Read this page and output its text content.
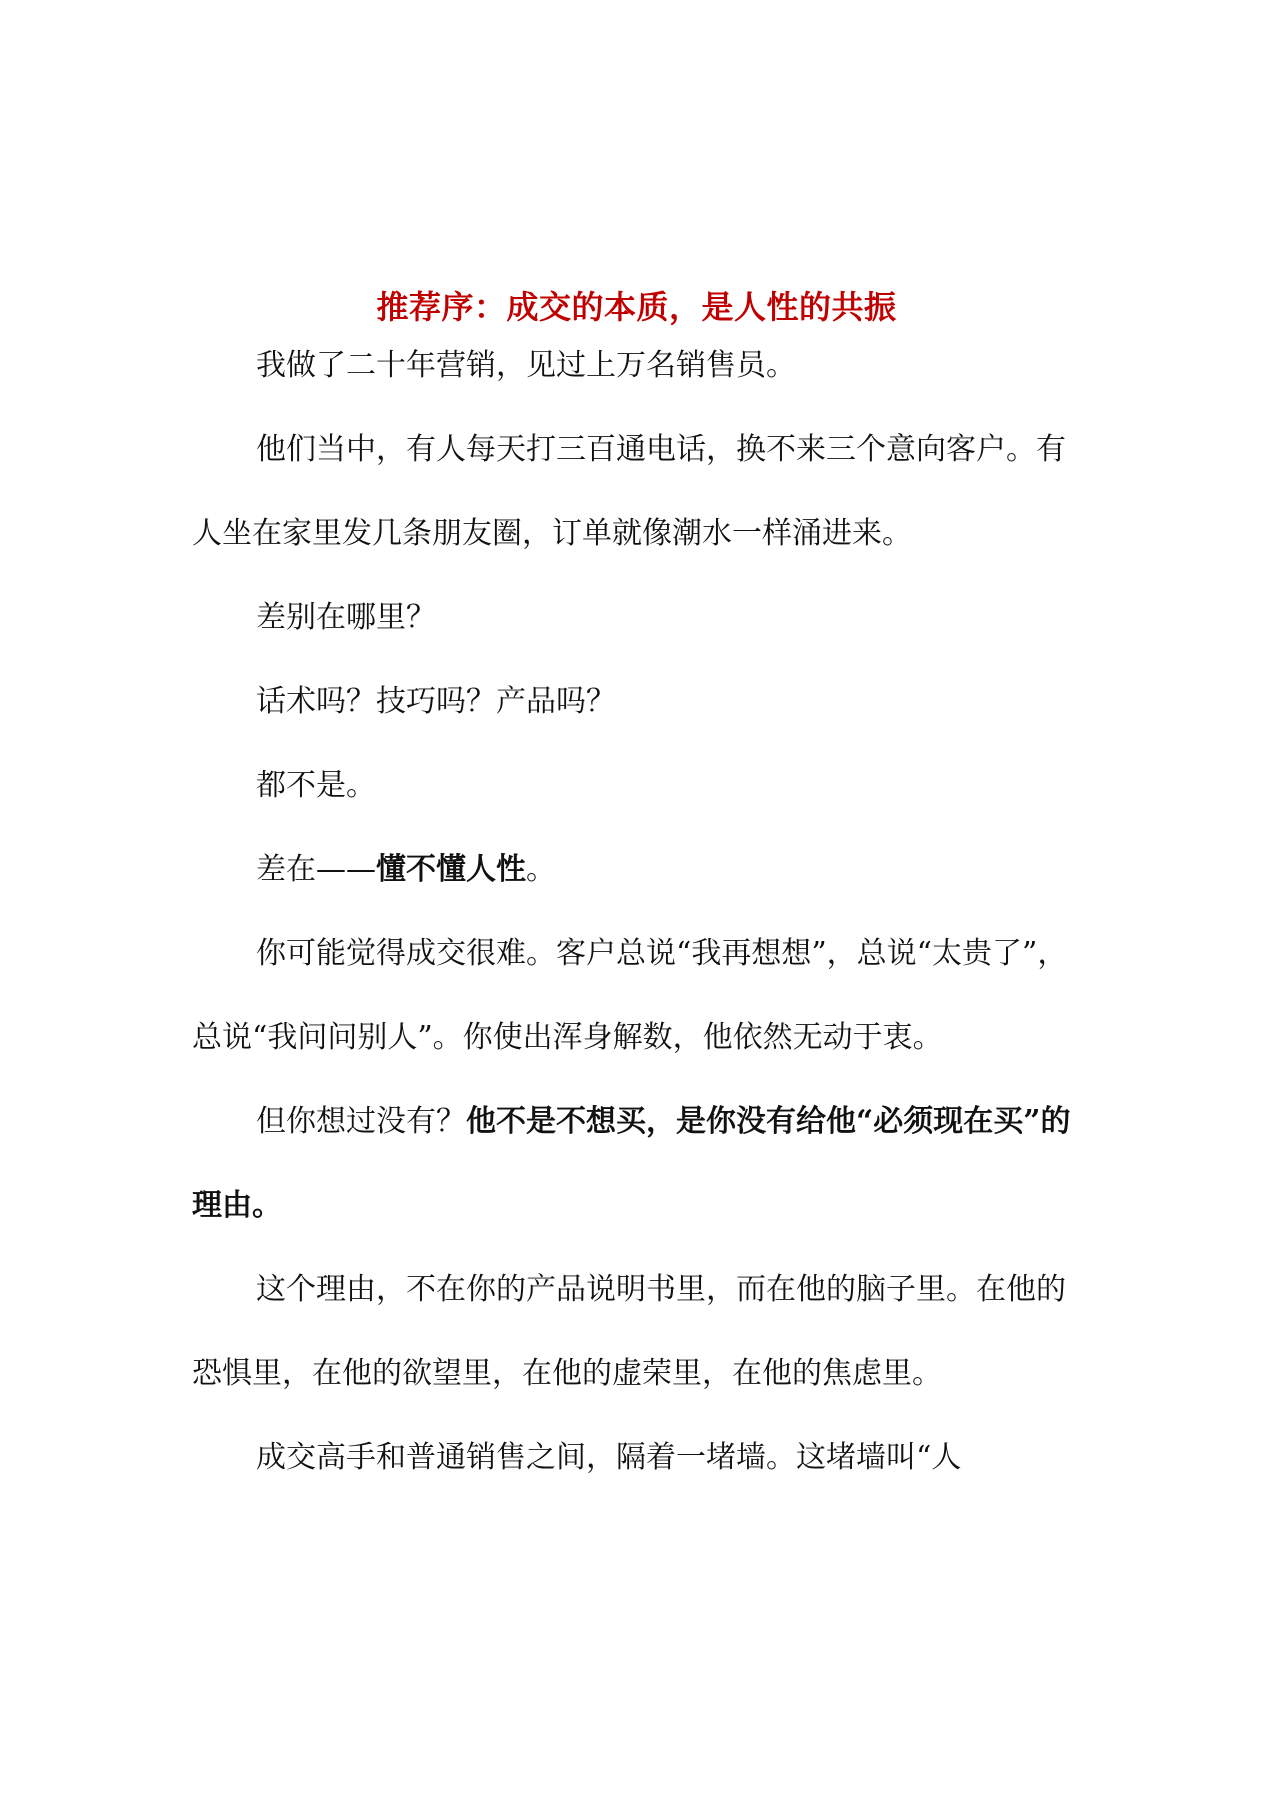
推荐序：成交的本质，是人性的共振

我做了二十年营销，见过上万名销售员。

他们当中，有人每天打三百通电话，换不来三个意向客户。有人坐在家里发几条朋友圈，订单就像潮水一样涌进来。

差别在哪里？

话术吗？技巧吗？产品吗？

都不是。

差在——懂不懂人性。

你可能觉得成交很难。客户总说“我再想想”，总说“太贵了”，总说“我问问别人”。你使出浑身解数，他依然无动于衷。

但你想过没有？他不是不想买，是你没有给他“必须现在买”的理由。

这个理由，不在你的产品说明书里，而在他的脑子里。在他的恐惧里，在他的欲望里，在他的虚荣里，在他的焦虑里。

成交高手和普通销售之间，隔着一堵墙。这堵墙叫“人
